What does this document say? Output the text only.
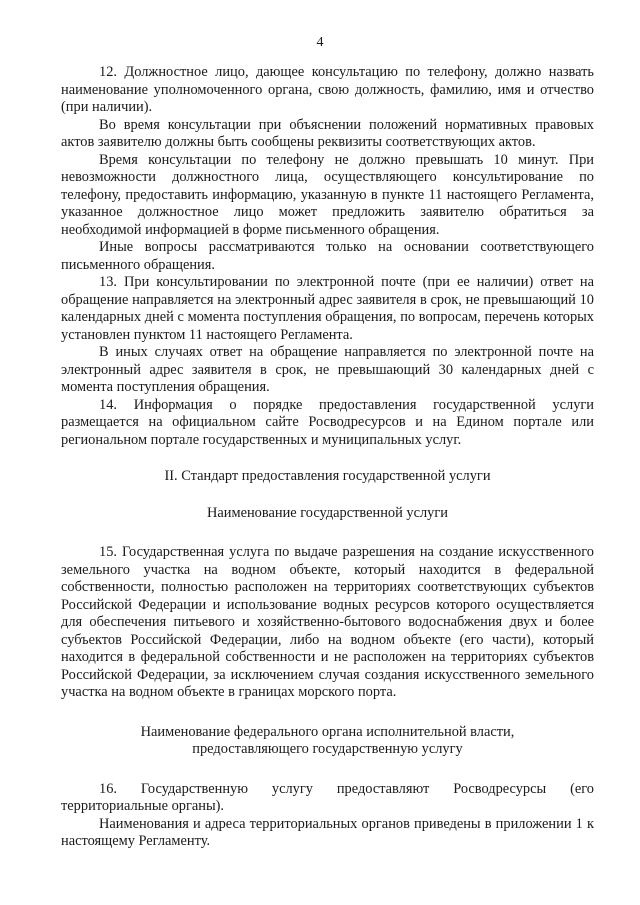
4

12. Должностное лицо, дающее консультацию по телефону, должно назвать наименование уполномоченного органа, свою должность, фамилию, имя и отчество (при наличии).

Во время консультации при объяснении положений нормативных правовых актов заявителю должны быть сообщены реквизиты соответствующих актов.

Время консультации по телефону не должно превышать 10 минут. При невозможности должностного лица, осуществляющего консультирование по телефону, предоставить информацию, указанную в пункте 11 настоящего Регламента, указанное должностное лицо может предложить заявителю обратиться за необходимой информацией в форме письменного обращения.

Иные вопросы рассматриваются только на основании соответствующего письменного обращения.

13. При консультировании по электронной почте (при ее наличии) ответ на обращение направляется на электронный адрес заявителя в срок, не превышающий 10 календарных дней с момента поступления обращения, по вопросам, перечень которых установлен пунктом 11 настоящего Регламента.

В иных случаях ответ на обращение направляется по электронной почте на электронный адрес заявителя в срок, не превышающий 30 календарных дней с момента поступления обращения.

14. Информация о порядке предоставления государственной услуги размещается на официальном сайте Росводресурсов и на Едином портале или региональном портале государственных и муниципальных услуг.

II. Стандарт предоставления государственной услуги
Наименование государственной услуги

15. Государственная услуга по выдаче разрешения на создание искусственного земельного участка на водном объекте, который находится в федеральной собственности, полностью расположен на территориях соответствующих субъектов Российской Федерации и использование водных ресурсов которого осуществляется для обеспечения питьевого и хозяйственно-бытового водоснабжения двух и более субъектов Российской Федерации, либо на водном объекте (его части), который находится в федеральной собственности и не расположен на территориях субъектов Российской Федерации, за исключением случая создания искусственного земельного участка на водном объекте в границах морского порта.

Наименование федерального органа исполнительной власти,
предоставляющего государственную услугу

16. Государственную услугу предоставляют Росводресурсы (его территориальные органы).

Наименования и адреса территориальных органов приведены в приложении 1 к настоящему Регламенту.
